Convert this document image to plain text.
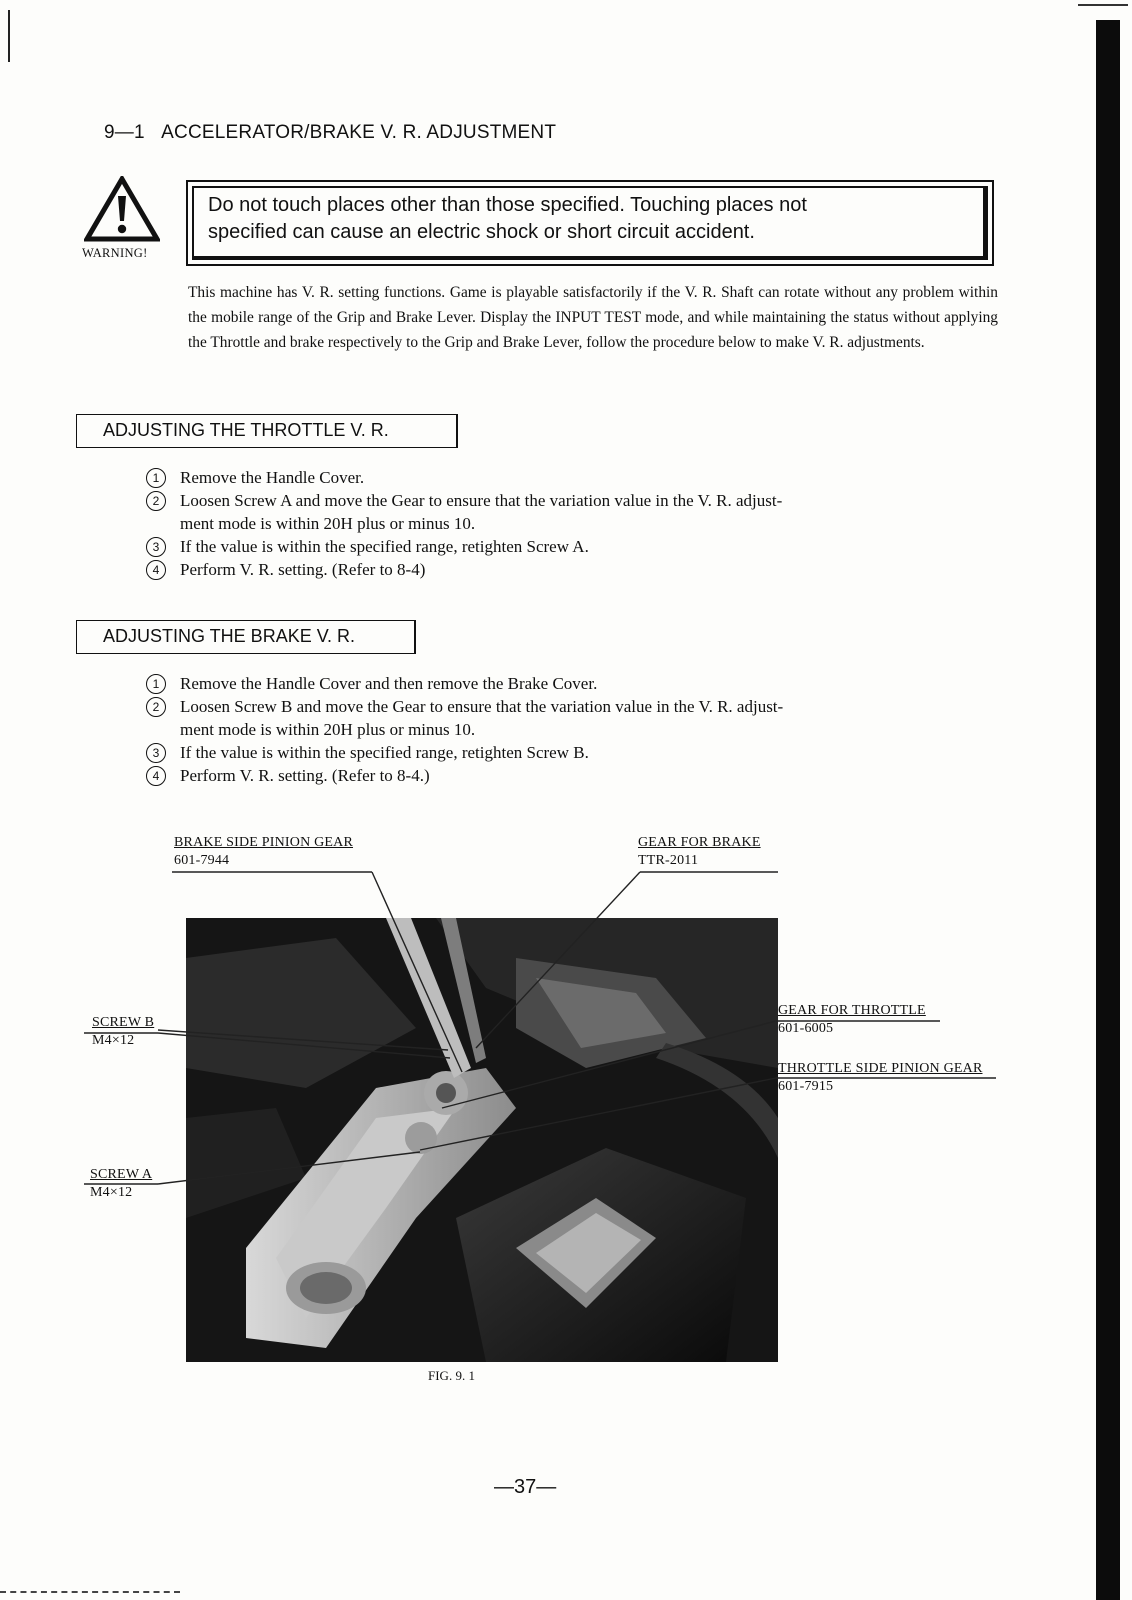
9—1 ACCELERATOR/BRAKE V. R. ADJUSTMENT
WARNING!
Do not touch places other than those specified. Touching places not
specified can cause an electric shock or short circuit accident.
This machine has V. R. setting functions. Game is playable satisfactorily if the V. R. Shaft can rotate without any problem within the mobile range of the Grip and Brake Lever. Display the INPUT TEST mode, and while maintaining the status without applying the Throttle and brake respectively to the Grip and Brake Lever, follow the procedure below to make V. R. adjustments.
ADJUSTING THE THROTTLE V. R.
1	Remove the Handle Cover.
2	Loosen Screw A and move the Gear to ensure that the variation value in the V. R. adjust-
ment mode is within 20H plus or minus 10.
3	If the value is within the specified range, retighten Screw A.
4	Perform V. R. setting. (Refer to 8-4)
ADJUSTING THE BRAKE V. R.
1	Remove the Handle Cover and then remove the Brake Cover.
2	Loosen Screw B and move the Gear to ensure that the variation value in the V. R. adjust-
ment mode is within 20H plus or minus 10.
3	If the value is within the specified range, retighten Screw B.
4	Perform V. R. setting. (Refer to 8-4.)
BRAKE SIDE PINION GEAR
601-7944
GEAR FOR BRAKE
TTR-2011
SCREW B
M4×12
GEAR FOR THROTTLE
601-6005
THROTTLE SIDE PINION GEAR
601-7915
SCREW A
M4×12
FIG. 9. 1
—37—
